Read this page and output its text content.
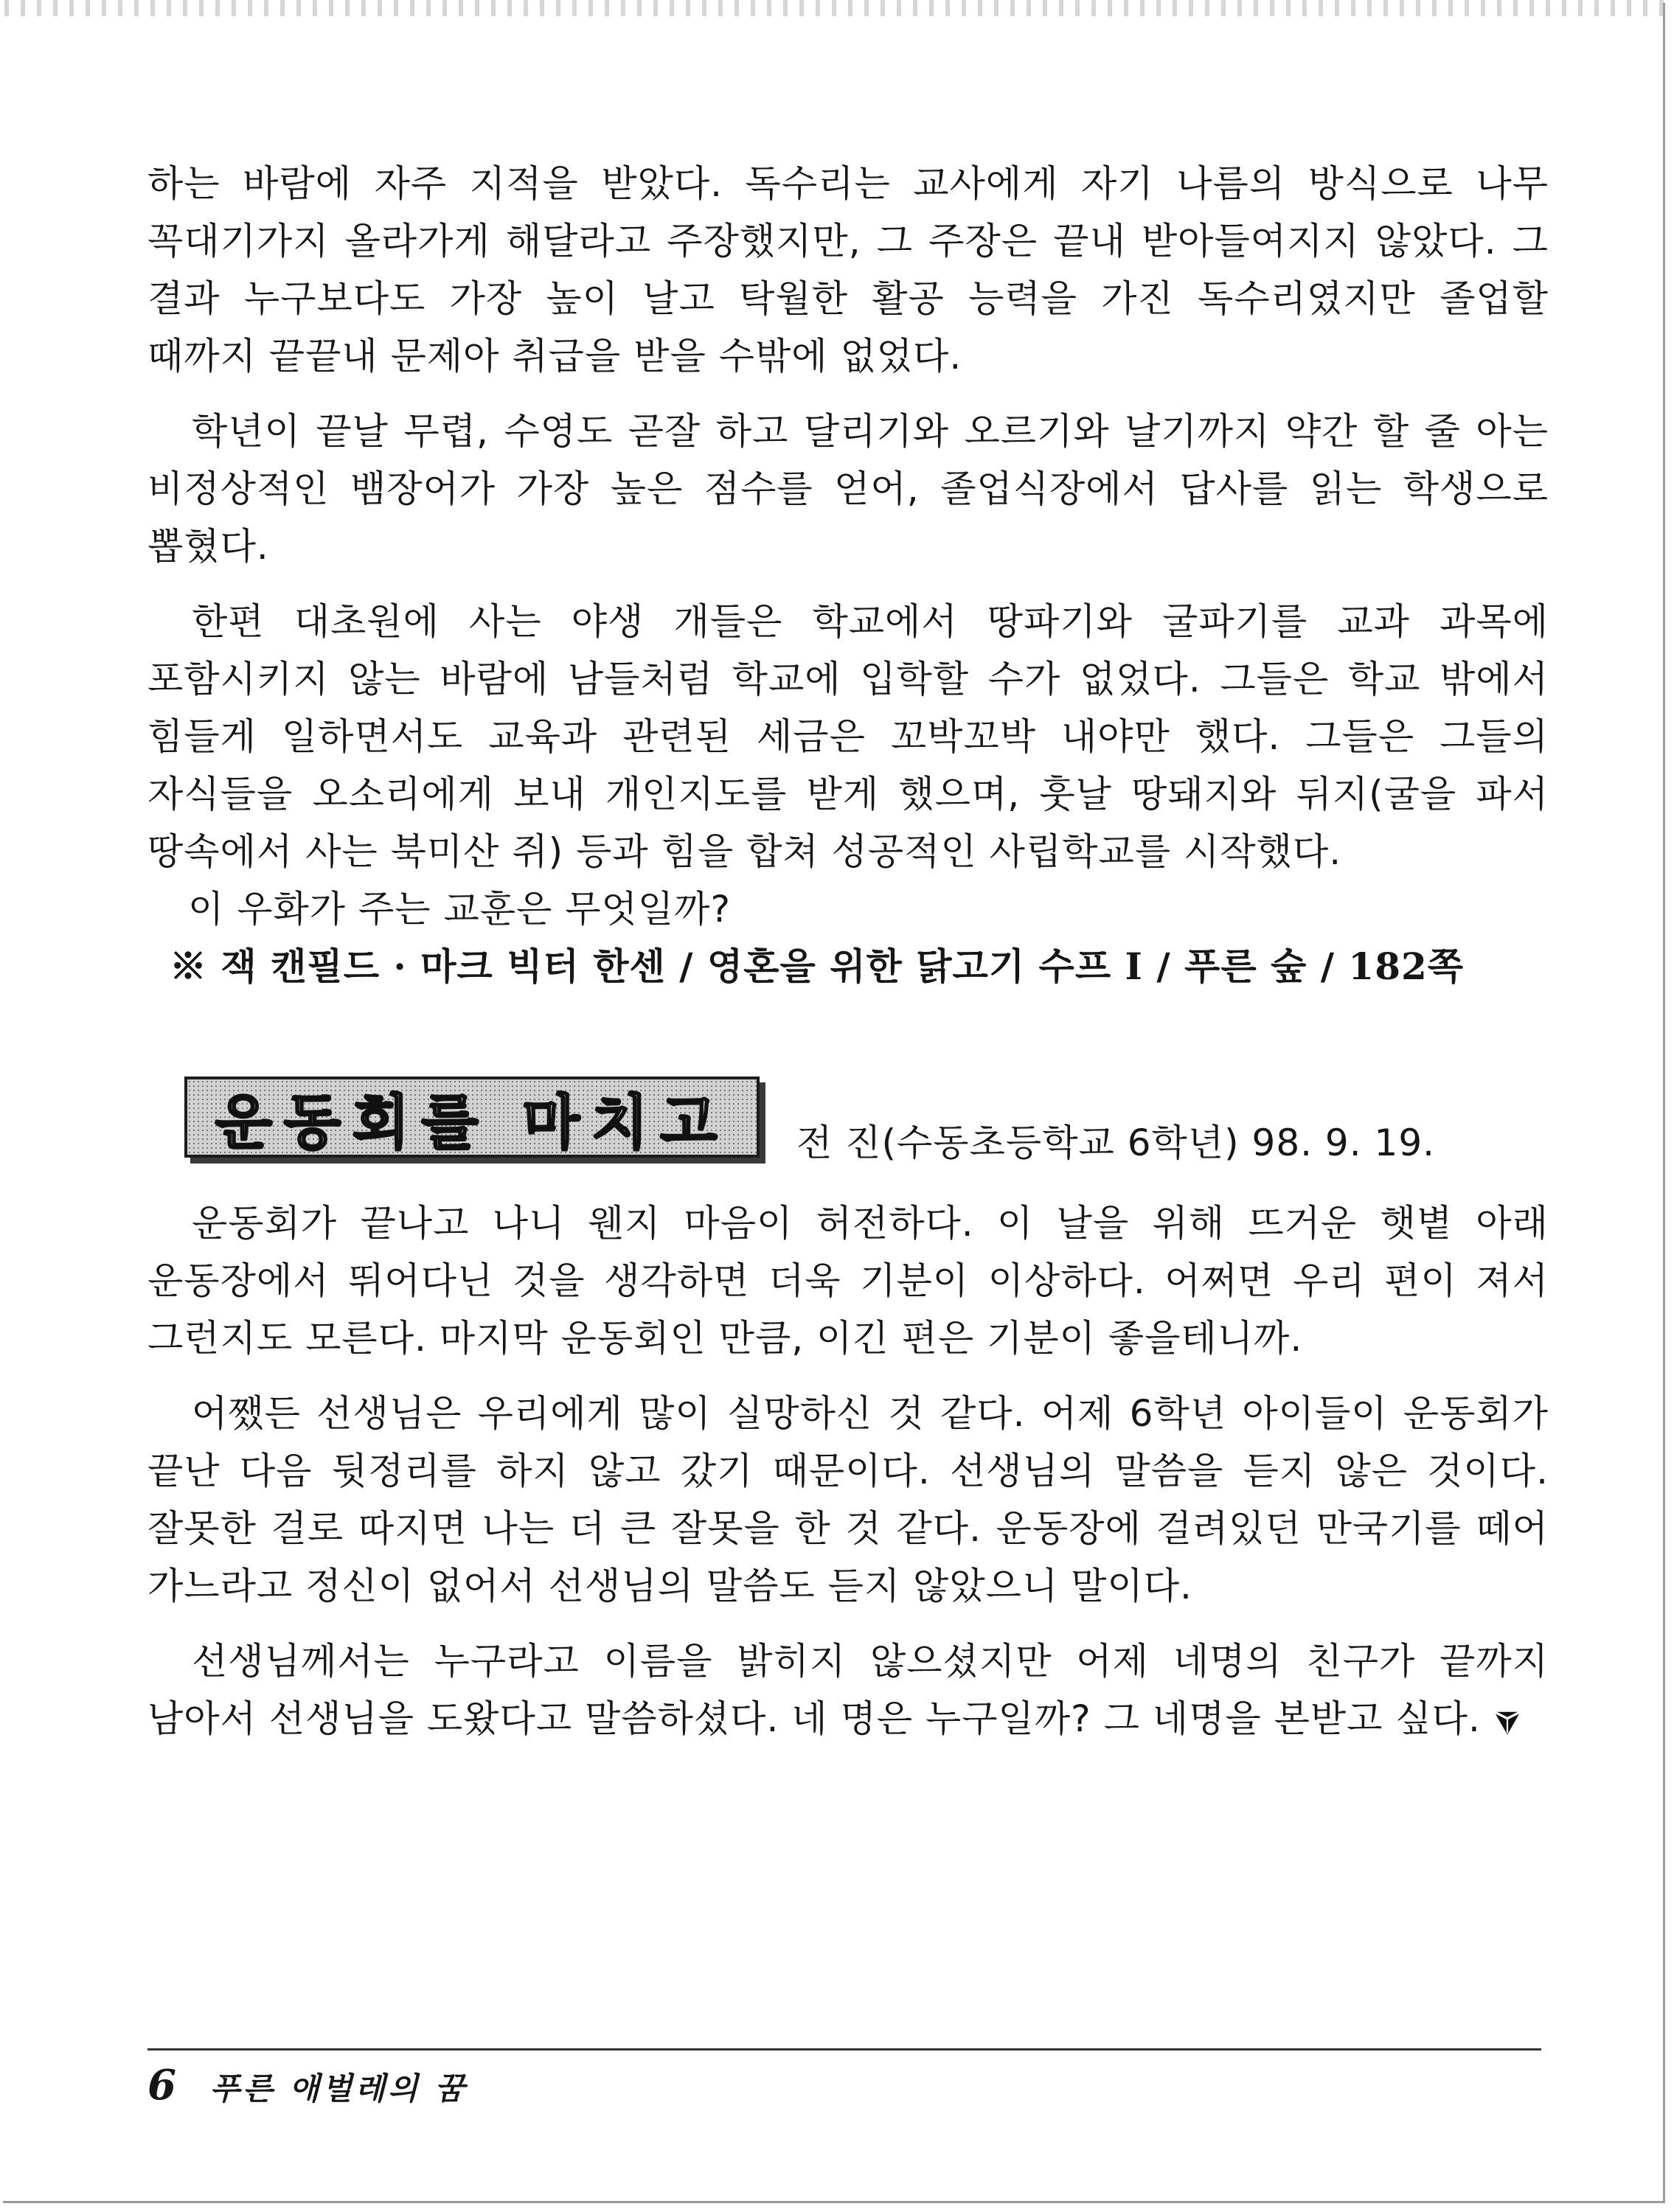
하는 바람에 자주 지적을 받았다. 독수리는 교사에게 자기 나름의 방식으로 나무 꼭대기가지 올라가게 해달라고 주장했지만, 그 주장은 끝내 받아들여지지 않았다. 그 결과 누구보다도 가장 높이 날고 탁월한 활공 능력을 가진 독수리였지만 졸업할 때까지 끝끝내 문제아 취급을 받을 수밖에 없었다.

학년이 끝날 무렵, 수영도 곧잘 하고 달리기와 오르기와 날기까지 약간 할 줄 아는 비정상적인 뱀장어가 가장 높은 점수를 얻어, 졸업식장에서 답사를 읽는 학생으로 뽑혔다.

한편 대초원에 사는 야생 개들은 학교에서 땅파기와 굴파기를 교과 과목에 포함시키지 않는 바람에 남들처럼 학교에 입학할 수가 없었다. 그들은 학교 밖에서 힘들게 일하면서도 교육과 관련된 세금은 꼬박꼬박 내야만 했다. 그들은 그들의 자식들을 오소리에게 보내 개인지도를 받게 했으며, 훗날 땅돼지와 뒤지(굴을 파서 땅속에서 사는 북미산 쥐) 등과 힘을 합쳐 성공적인 사립학교를 시작했다.

이 우화가 주는 교훈은 무엇일까?

※ 잭 캔필드 · 마크 빅터 한센 / 영혼을 위한 닭고기 수프 I / 푸른 숲 / 182쪽

운동회를 마치고 전 진(수동초등학교 6학년) 98. 9. 19.

운동회가 끝나고 나니 웬지 마음이 허전하다. 이 날을 위해 뜨거운 햇볕 아래 운동장에서 뛰어다닌 것을 생각하면 더욱 기분이 이상하다. 어쩌면 우리 편이 져서 그런지도 모른다. 마지막 운동회인 만큼, 이긴 편은 기분이 좋을테니까.

어쨌든 선생님은 우리에게 많이 실망하신 것 같다. 어제 6학년 아이들이 운동회가 끝난 다음 뒷정리를 하지 않고 갔기 때문이다. 선생님의 말씀을 듣지 않은 것이다. 잘못한 걸로 따지면 나는 더 큰 잘못을 한 것 같다. 운동장에 걸려있던 만국기를 떼어 가느라고 정신이 없어서 선생님의 말씀도 듣지 않았으니 말이다.

선생님께서는 누구라고 이름을 밝히지 않으셨지만 어제 네명의 친구가 끝까지 남아서 선생님을 도왔다고 말씀하셨다. 네 명은 누구일까? 그 네명을 본받고 싶다.

6 푸른 애벌레의 꿈
